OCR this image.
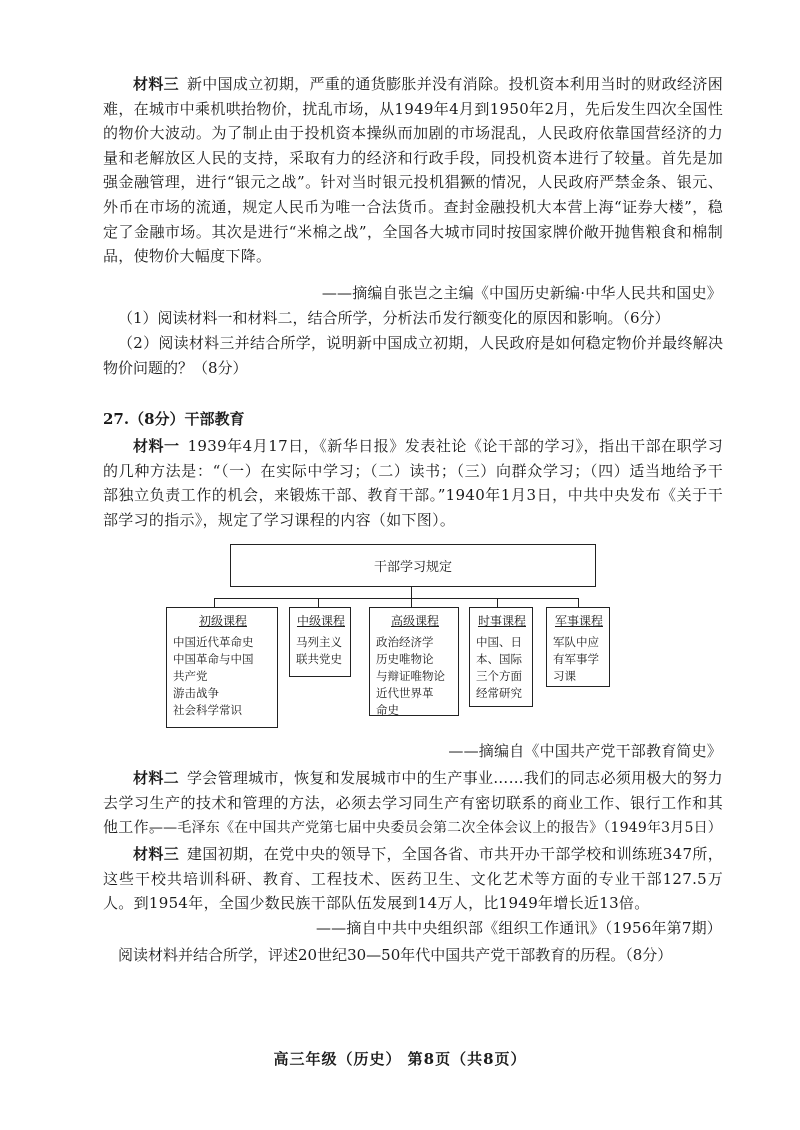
材料三 新中国成立初期，严重的通货膨胀并没有消除。投机资本利用当时的财政经济困难，在城市中乘机哄抬物价，扰乱市场，从1949年4月到1950年2月，先后发生四次全国性的物价大波动。为了制止由于投机资本操纵而加剧的市场混乱，人民政府依靠国营经济的力量和老解放区人民的支持，采取有力的经济和行政手段，同投机资本进行了较量。首先是加强金融管理，进行“银元之战”。针对当时银元投机猖獗的情况，人民政府严禁金条、银元、外币在市场的流通，规定人民币为唯一合法货币。查封金融投机大本营上海“证券大楼”，稳定了金融市场。其次是进行“米棉之战”，全国各大城市同时按国家牌价敞开抛售粮食和棉制品，使物价大幅度下降。
——摘编自张岂之主编《中国历史新编·中华人民共和国史》
（1）阅读材料一和材料二，结合所学，分析法币发行额变化的原因和影响。（6分）
（2）阅读材料三并结合所学，说明新中国成立初期，人民政府是如何稳定物价并最终解决物价问题的？（8分）
27.（8分）干部教育
材料一 1939年4月17日，《新华日报》发表社论《论干部的学习》，指出干部在职学习的几种方法是：“（一）在实际中学习；（二）读书；（三）向群众学习；（四）适当地给予干部独立负责工作的机会，来锻炼干部、教育干部。”1940年1月3日，中共中央发布《关于干部学习的指示》，规定了学习课程的内容（如下图）。
干部学习规定
初级课程
中国近代革命史
中国革命与中国
共产党
游击战争
社会科学常识
中级课程
马列主义
联共党史
高级课程
政治经济学
历史唯物论
与辩证唯物论
近代世界革
命史
时事课程
中国、日
本、国际
三个方面
经常研究
军事课程
军队中应
有军事学
习课
——摘编自《中国共产党干部教育简史》
材料二 学会管理城市，恢复和发展城市中的生产事业……我们的同志必须用极大的努力去学习生产的技术和管理的方法，必须去学习同生产有密切联系的商业工作、银行工作和其他工作。
——毛泽东《在中国共产党第七届中央委员会第二次全体会议上的报告》（1949年3月5日）
材料三 建国初期，在党中央的领导下，全国各省、市共开办干部学校和训练班347所，这些干校共培训科研、教育、工程技术、医药卫生、文化艺术等方面的专业干部127.5万人。到1954年，全国少数民族干部队伍发展到14万人，比1949年增长近13倍。
——摘自中共中央组织部《组织工作通讯》（1956年第7期）
阅读材料并结合所学，评述20世纪30—50年代中国共产党干部教育的历程。（8分）
高三年级（历史） 第8页（共8页）
